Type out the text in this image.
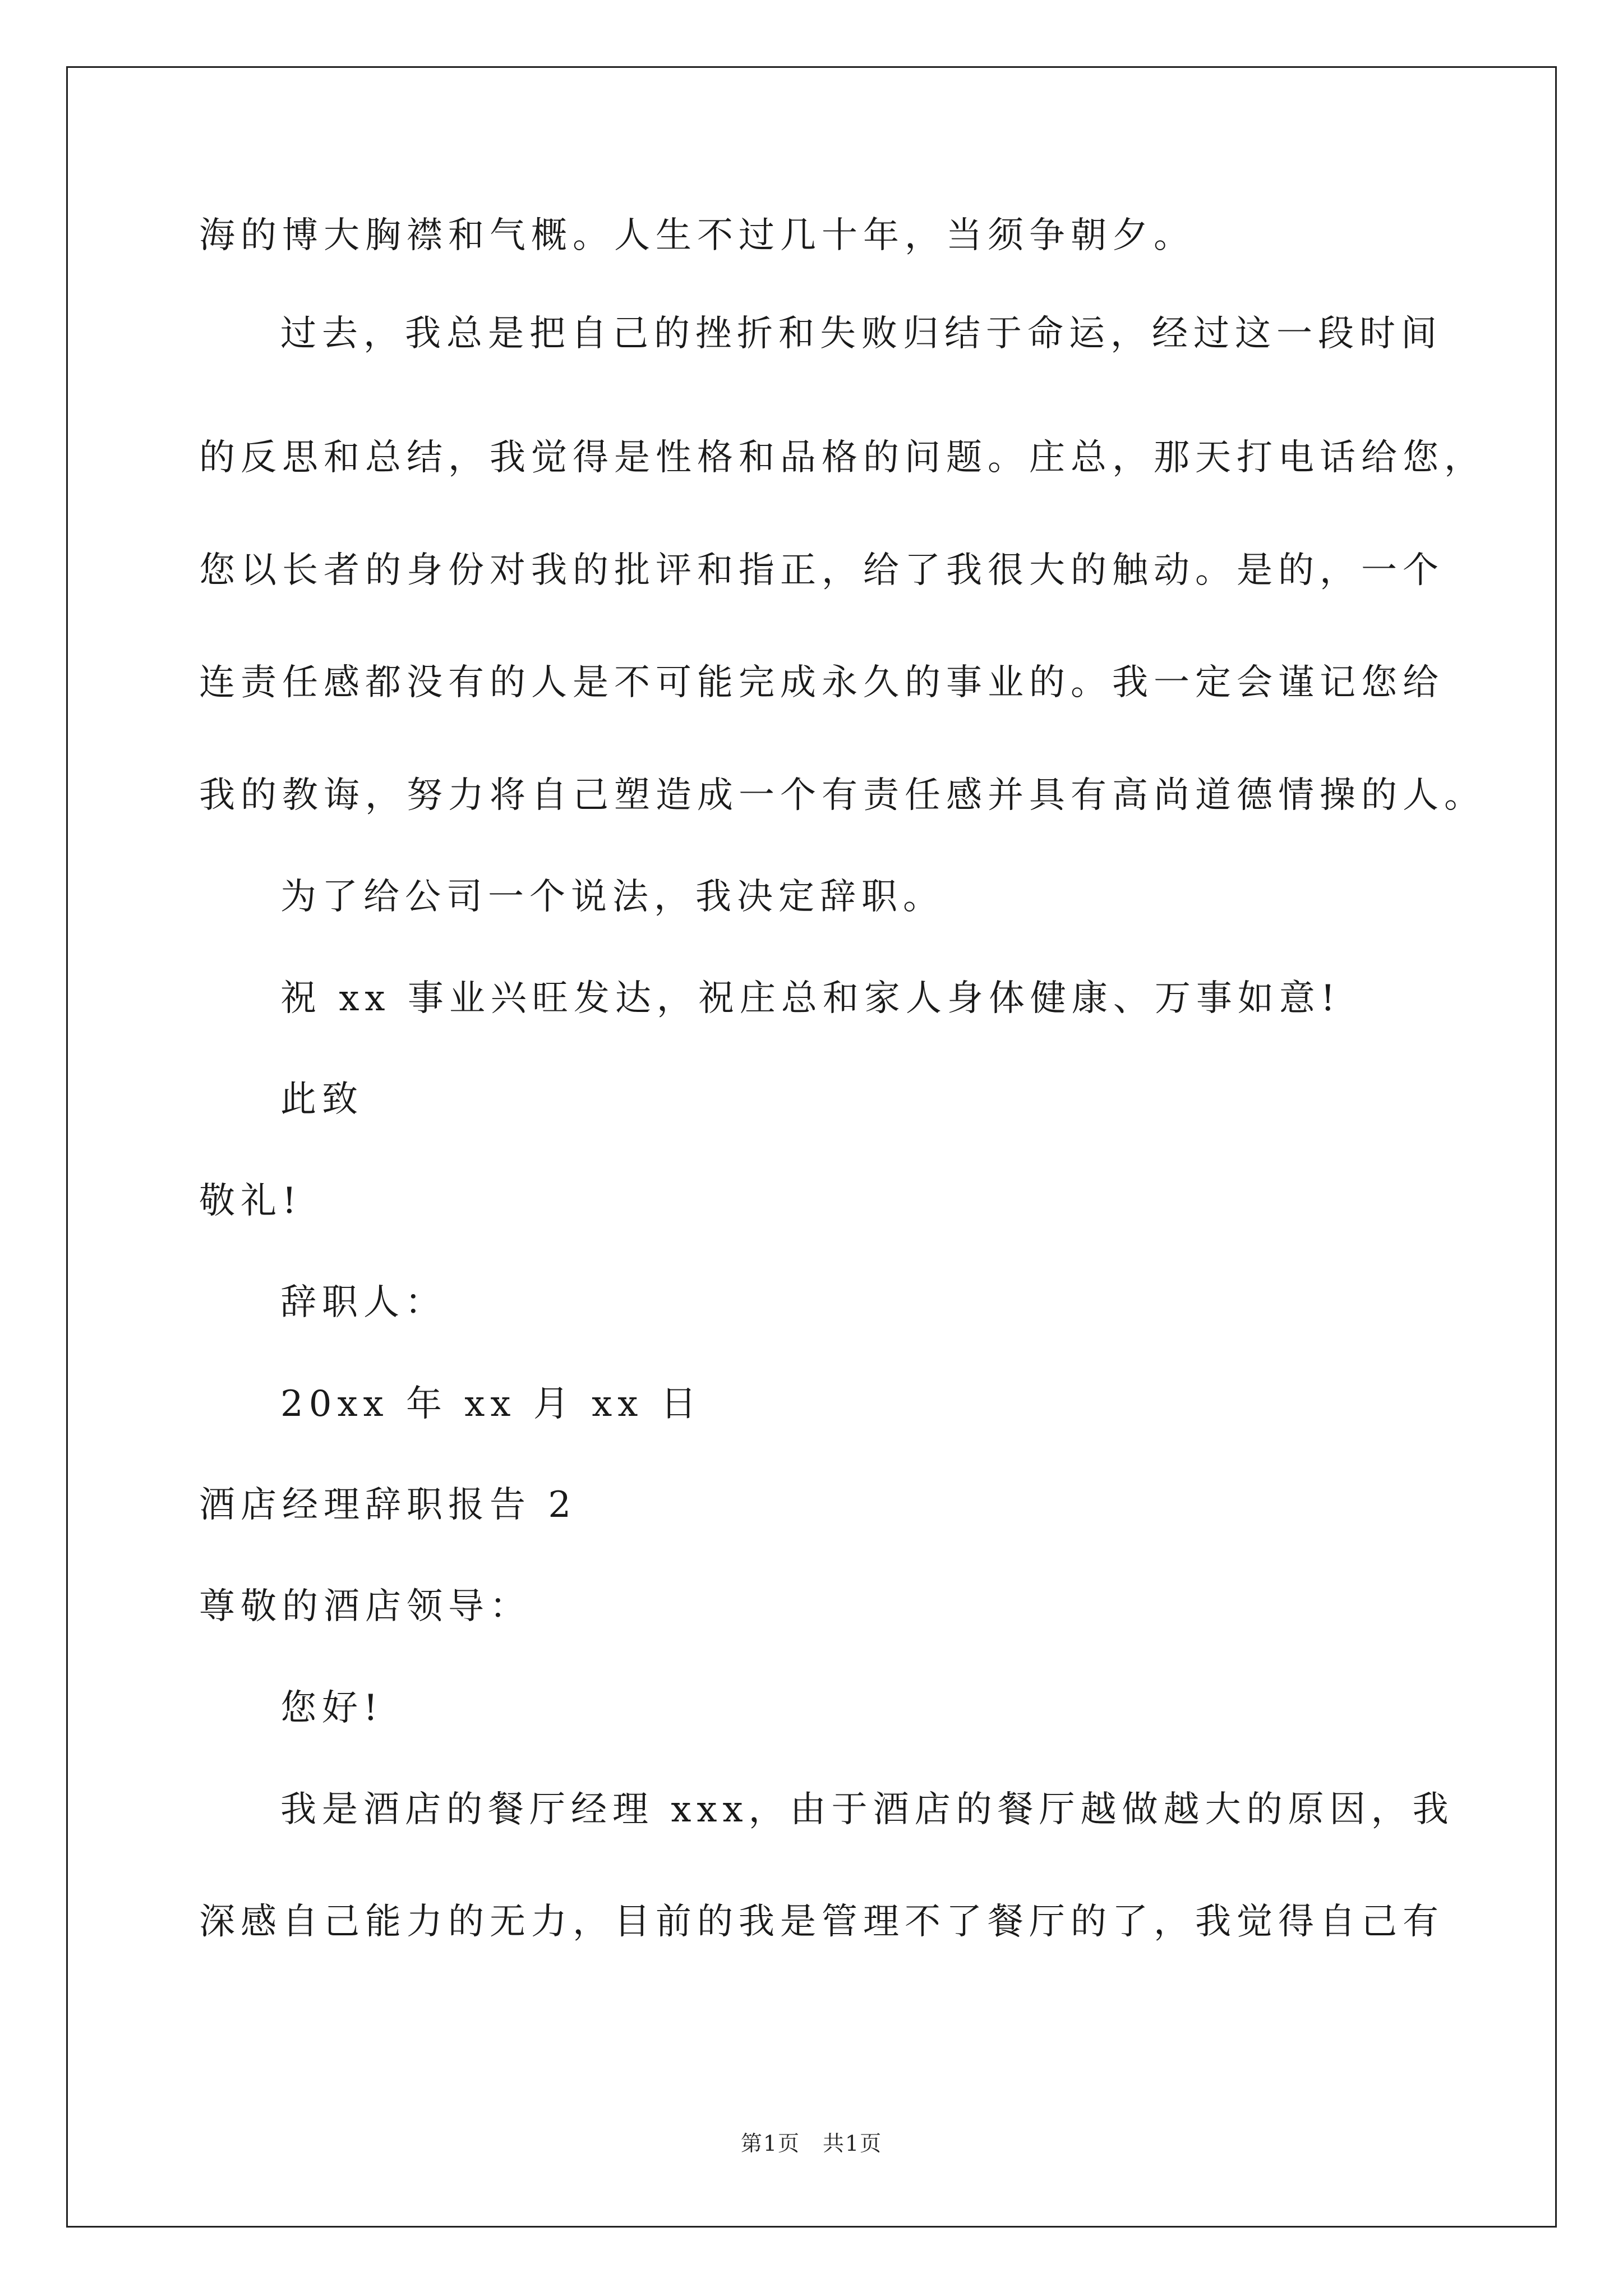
海的博大胸襟和气概。人生不过几十年，当须争朝夕。
过去，我总是把自己的挫折和失败归结于命运，经过这一段时间
的反思和总结，我觉得是性格和品格的问题。庄总，那天打电话给您，
您以长者的身份对我的批评和指正，给了我很大的触动。是的，一个
连责任感都没有的人是不可能完成永久的事业的。我一定会谨记您给
我的教诲，努力将自己塑造成一个有责任感并具有高尚道德情操的人。
为了给公司一个说法，我决定辞职。
祝 xx 事业兴旺发达，祝庄总和家人身体健康、万事如意!
此致
敬礼!
辞职人：
20xx 年 xx 月 xx 日
酒店经理辞职报告 2
尊敬的酒店领导：
您好!
我是酒店的餐厅经理 xxx，由于酒店的餐厅越做越大的原因，我
深感自己能力的无力，目前的我是管理不了餐厅的了，我觉得自己有
第1页　共1页
